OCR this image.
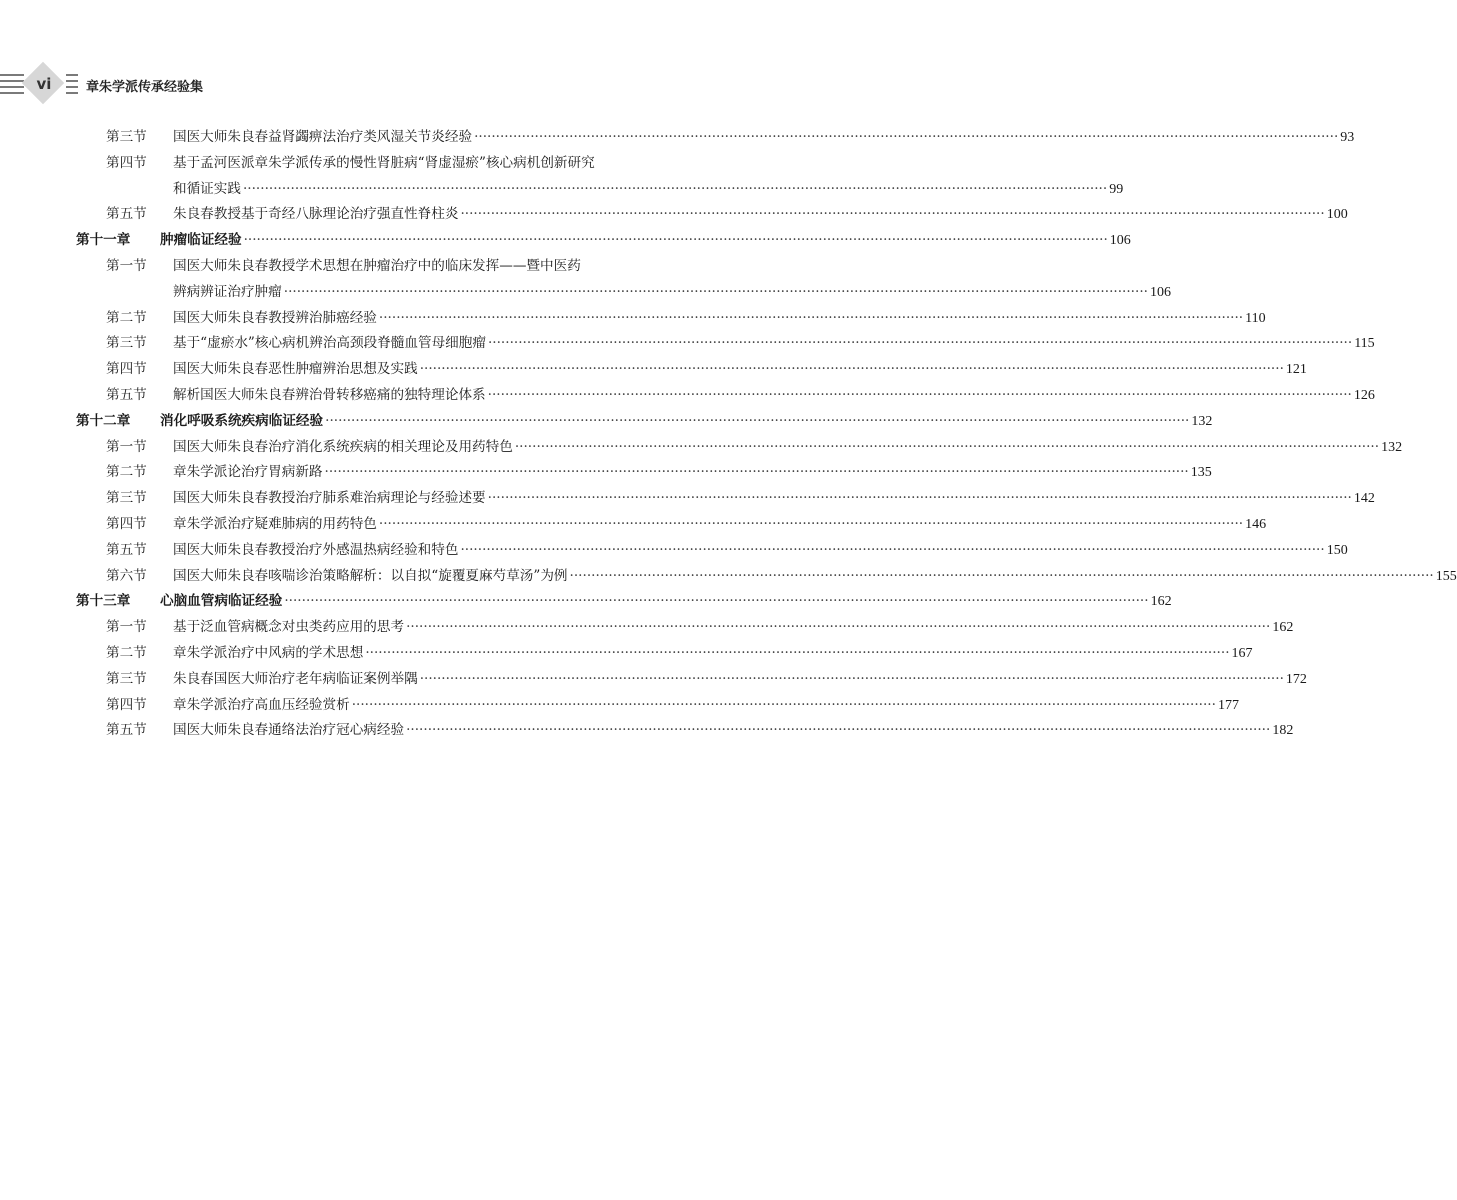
vi	章朱学派传承经验集
第三节	国医大师朱良春益肾蠲痹法治疗类风湿关节炎经验 ········································································································································································································ 93
第四节	基于孟河医派章朱学派传承的慢性肾脏病“肾虚湿瘀”核心病机创新研究
和循证实践 ········································································································································································································ 99
第五节	朱良春教授基于奇经八脉理论治疗强直性脊柱炎 ········································································································································································································ 100
第十一章	肿瘤临证经验 ········································································································································································································ 106
第一节	国医大师朱良春教授学术思想在肿瘤治疗中的临床发挥——暨中医药
辨病辨证治疗肿瘤 ········································································································································································································ 106
第二节	国医大师朱良春教授辨治肺癌经验 ········································································································································································································ 110
第三节	基于“虚瘀水”核心病机辨治高颈段脊髓血管母细胞瘤 ········································································································································································································ 115
第四节	国医大师朱良春恶性肿瘤辨治思想及实践 ········································································································································································································ 121
第五节	解析国医大师朱良春辨治骨转移癌痛的独特理论体系 ········································································································································································································ 126
第十二章	消化呼吸系统疾病临证经验 ········································································································································································································ 132
第一节	国医大师朱良春治疗消化系统疾病的相关理论及用药特色 ········································································································································································································ 132
第二节	章朱学派论治疗胃病新路 ········································································································································································································ 135
第三节	国医大师朱良春教授治疗肺系难治病理论与经验述要 ········································································································································································································ 142
第四节	章朱学派治疗疑难肺病的用药特色 ········································································································································································································ 146
第五节	国医大师朱良春教授治疗外感温热病经验和特色 ········································································································································································································ 150
第六节	国医大师朱良春咳喘诊治策略解析：以自拟“旋覆夏麻芍草汤”为例 ········································································································································································································ 155
第十三章	心脑血管病临证经验 ········································································································································································································ 162
第一节	基于泛血管病概念对虫类药应用的思考 ········································································································································································································ 162
第二节	章朱学派治疗中风病的学术思想 ········································································································································································································ 167
第三节	朱良春国医大师治疗老年病临证案例举隅 ········································································································································································································ 172
第四节	章朱学派治疗高血压经验赏析 ········································································································································································································ 177
第五节	国医大师朱良春通络法治疗冠心病经验 ········································································································································································································ 182
